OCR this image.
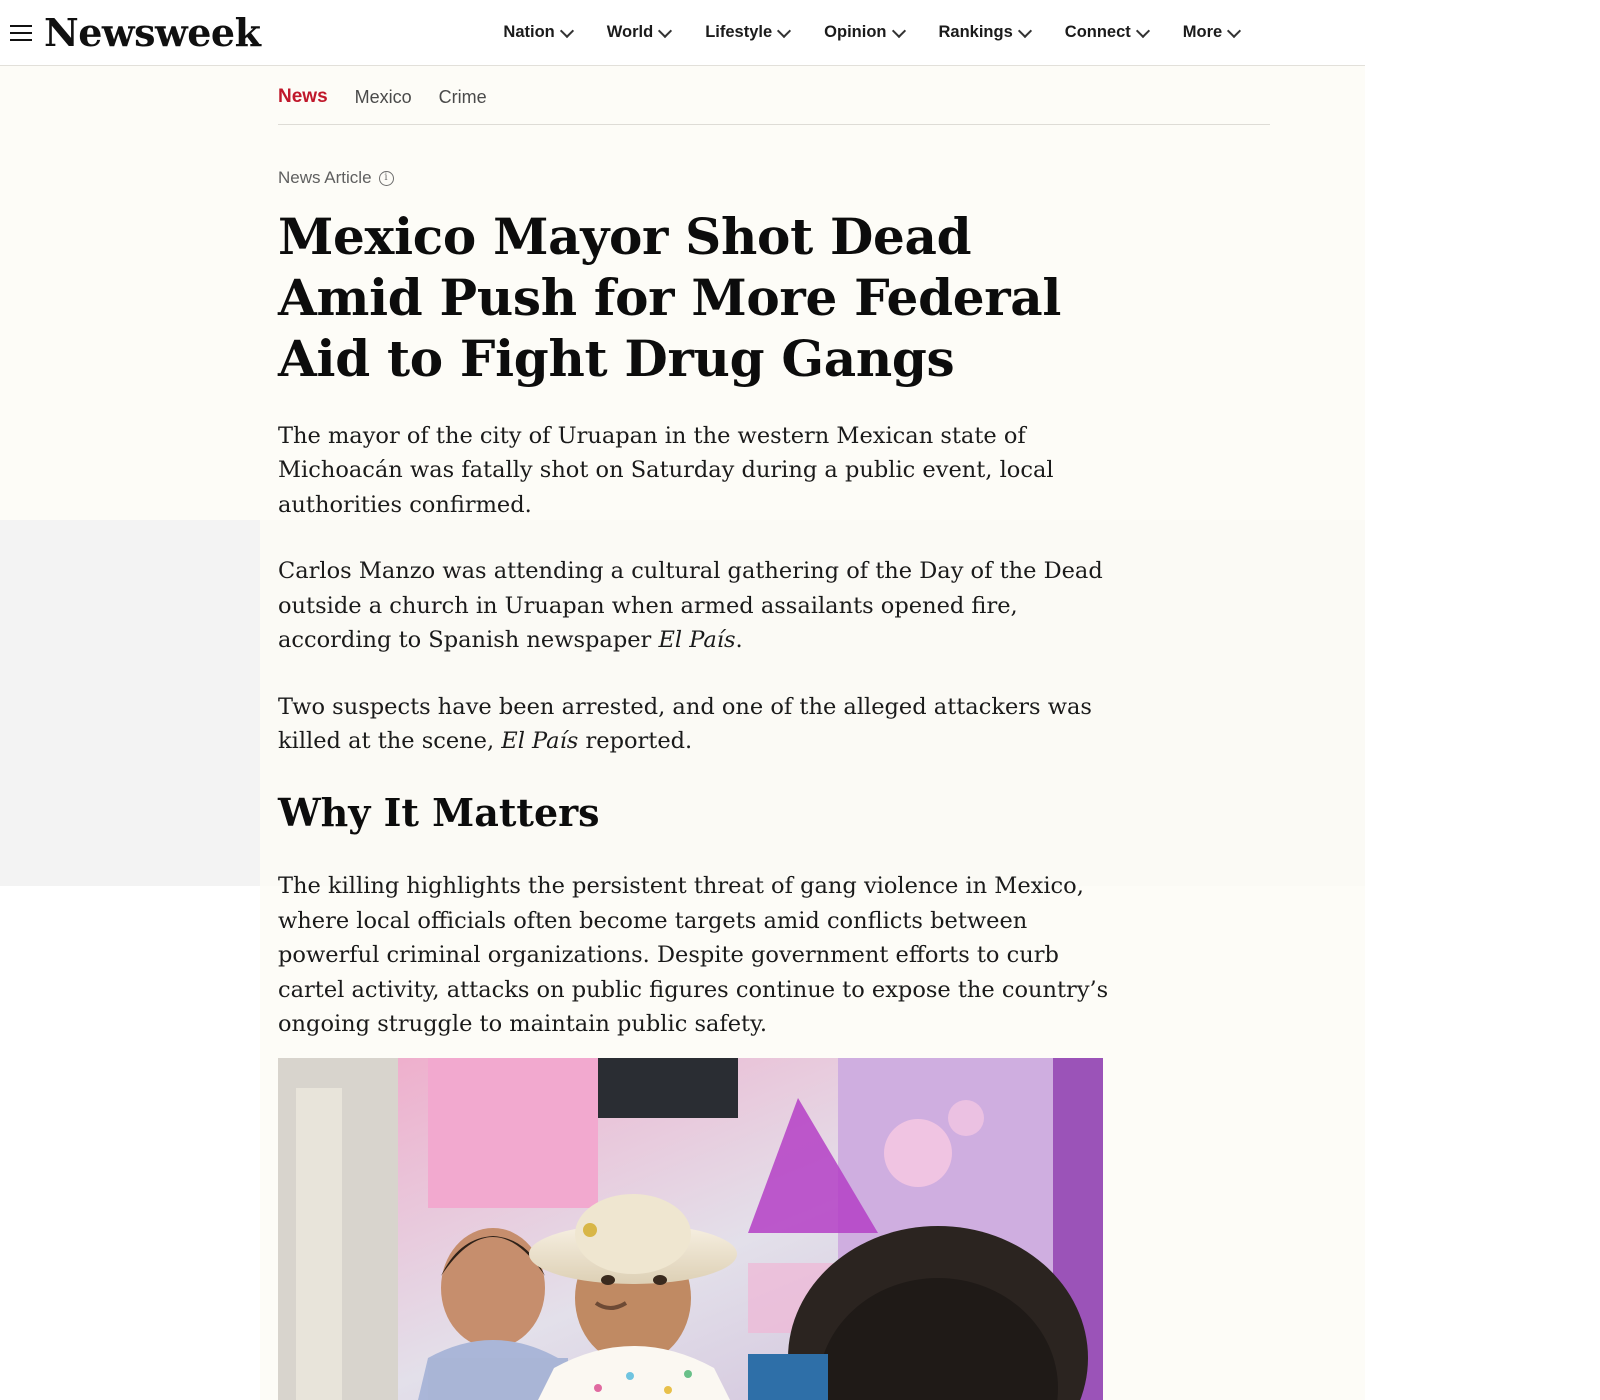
Newsweek	Nation	World	Lifestyle	Opinion	Rankings	Connect	More
News Mexico Crime
News Article	i
Mexico Mayor Shot Dead Amid Push for More Federal Aid to Fight Drug Gangs

The mayor of the city of Uruapan in the western Mexican state of Michoacán was fatally shot on Saturday during a public event, local authorities confirmed.

Carlos Manzo was attending a cultural gathering of the Day of the Dead outside a church in Uruapan when armed assailants opened fire, according to Spanish newspaper El País.

Two suspects have been arrested, and one of the alleged attackers was killed at the scene, El País reported.

Why It Matters

The killing highlights the persistent threat of gang violence in Mexico, where local officials often become targets amid conflicts between powerful criminal organizations. Despite government efforts to curb cartel activity, attacks on public figures continue to expose the country’s ongoing struggle to maintain public safety.
